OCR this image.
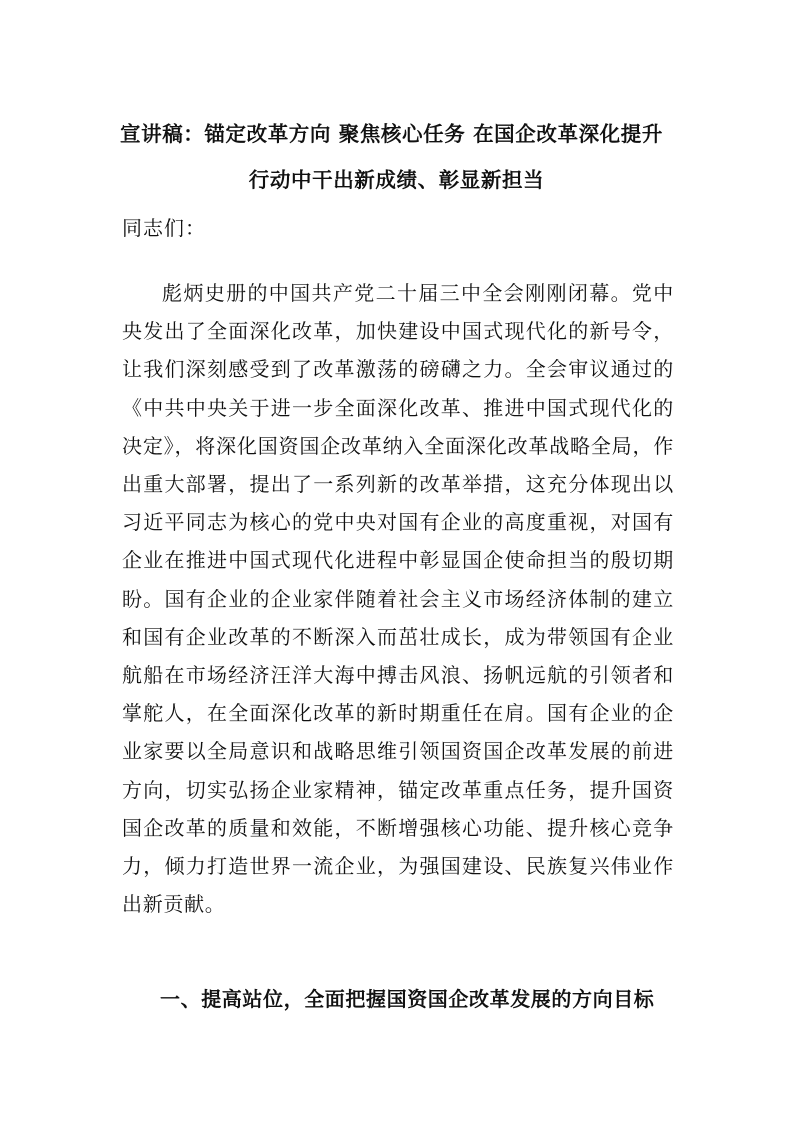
宣讲稿：锚定改革方向 聚焦核心任务 在国企改革深化提升
行动中干出新成绩、彰显新担当
同志们：
彪炳史册的中国共产党二十届三中全会刚刚闭幕。党中央发出了全面深化改革，加快建设中国式现代化的新号令，让我们深刻感受到了改革激荡的磅礴之力。全会审议通过的《中共中央关于进一步全面深化改革、推进中国式现代化的决定》，将深化国资国企改革纳入全面深化改革战略全局，作出重大部署，提出了一系列新的改革举措，这充分体现出以习近平同志为核心的党中央对国有企业的高度重视，对国有企业在推进中国式现代化进程中彰显国企使命担当的殷切期盼。国有企业的企业家伴随着社会主义市场经济体制的建立和国有企业改革的不断深入而茁壮成长，成为带领国有企业航船在市场经济汪洋大海中搏击风浪、扬帆远航的引领者和掌舵人，在全面深化改革的新时期重任在肩。国有企业的企业家要以全局意识和战略思维引领国资国企改革发展的前进方向，切实弘扬企业家精神，锚定改革重点任务，提升国资国企改革的质量和效能，不断增强核心功能、提升核心竞争力，倾力打造世界一流企业，为强国建设、民族复兴伟业作出新贡献。
一、提高站位，全面把握国资国企改革发展的方向目标
